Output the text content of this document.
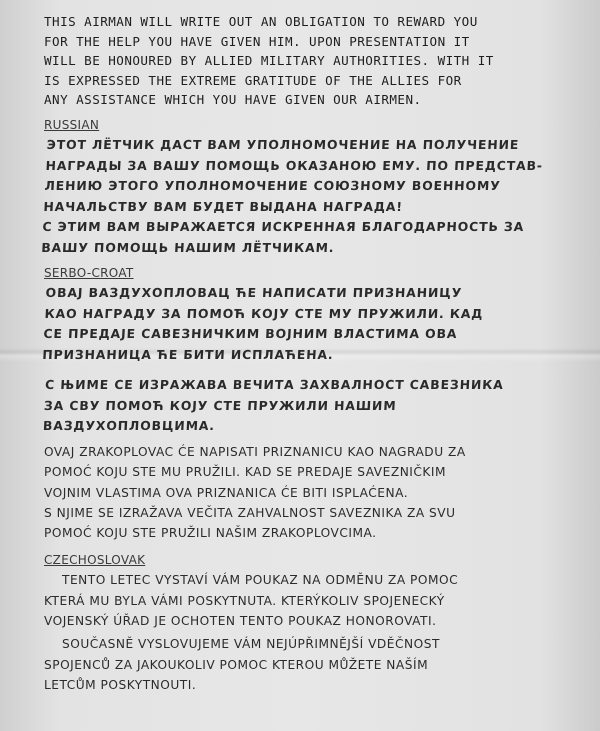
THIS AIRMAN WILL WRITE OUT AN OBLIGATION TO REWARD YOU
FOR THE HELP YOU HAVE GIVEN HIM. UPON PRESENTATION IT
WILL BE HONOURED BY ALLIED MILITARY AUTHORITIES. WITH IT
IS EXPRESSED THE EXTREME GRATITUDE OF THE ALLIES FOR
ANY ASSISTANCE WHICH YOU HAVE GIVEN OUR AIRMEN.

RUSSIAN

ЭТОТ ЛЁТЧИК ДАСТ ВАМ УПОЛНОМОЧЕНИЕ НА ПОЛУЧЕНИЕ
НАГРАДЫ ЗА ВАШУ ПОМОЩЬ ОКАЗАНОЮ ЕМУ. ПО ПРЕДСТАВ-
ЛЕНИЮ ЭТОГО УПОЛНОМОЧЕНИЕ СОЮЗНОМУ ВОЕННОМУ
НАЧАЛЬСТВУ ВАМ БУДЕТ ВЫДАНА НАГРАДА!
С ЭТИМ ВАМ ВЫРАЖАЕТСЯ ИСКРЕННАЯ БЛАГОДАРНОСТЬ ЗА
ВАШУ ПОМОЩЬ НАШИМ ЛЁТЧИКАМ.

SERBO-CROAT

ОВАЈ ВАЗДУХОПЛОВАЦ ЋЕ НАПИСАТИ ПРИЗНАНИЦУ
КАО НАГРАДУ ЗА ПОМОЋ КОЈУ СТЕ МУ ПРУЖИЛИ. КАД
СЕ ПРЕДАЈЕ САВЕЗНИЧКИМ ВОЈНИМ ВЛАСТИМА ОВА
ПРИЗНАНИЦА ЋЕ БИТИ ИСПЛАЋЕНА.

С ЊИМЕ СЕ ИЗРАЖАВА ВЕЧИТА ЗАХВАЛНОСТ САВЕЗНИКА
ЗА СВУ ПОМОЋ КОЈУ СТЕ ПРУЖИЛИ НАШИМ
ВАЗДУХОПЛОВЦИМА.

OVAJ ZRAKOPLOVAC ĆE NAPISATI PRIZNANICU KAO NAGRADU ZA
POMOĆ KOJU STE MU PRUŽILI. KAD SE PREDAJE SAVEZNIČKIM
VOJNIM VLASTIMA OVA PRIZNANICA ĆE BITI ISPLAĆENA.

S NJIME SE IZRAŽAVA VEČITA ZAHVALNOST SAVEZNIKA ZA SVU
POMOĆ KOJU STE PRUŽILI NAŠIM ZRAKOPLOVCIMA.

CZECHOSLOVAK

TENTO LETEC VYSTAVÍ VÁM POUKAZ NA ODMĚNU ZA POMOC
KTERÁ MU BYLA VÁMI POSKYTNUTA. KTERÝKOLIV SPOJENECKÝ
VOJENSKÝ ÚŘAD JE OCHOTEN TENTO POUKAZ HONOROVATI.

SOUČASNĚ VYSLOVUJEME VÁM NEJÚPŘIMNĚJŠÍ VDĚČNOST
SPOJENCŮ ZA JAKOUKOLIV POMOC KTEROU MŮŽETE NAŠÍM
LETCŮM POSKYTNOUTI.
